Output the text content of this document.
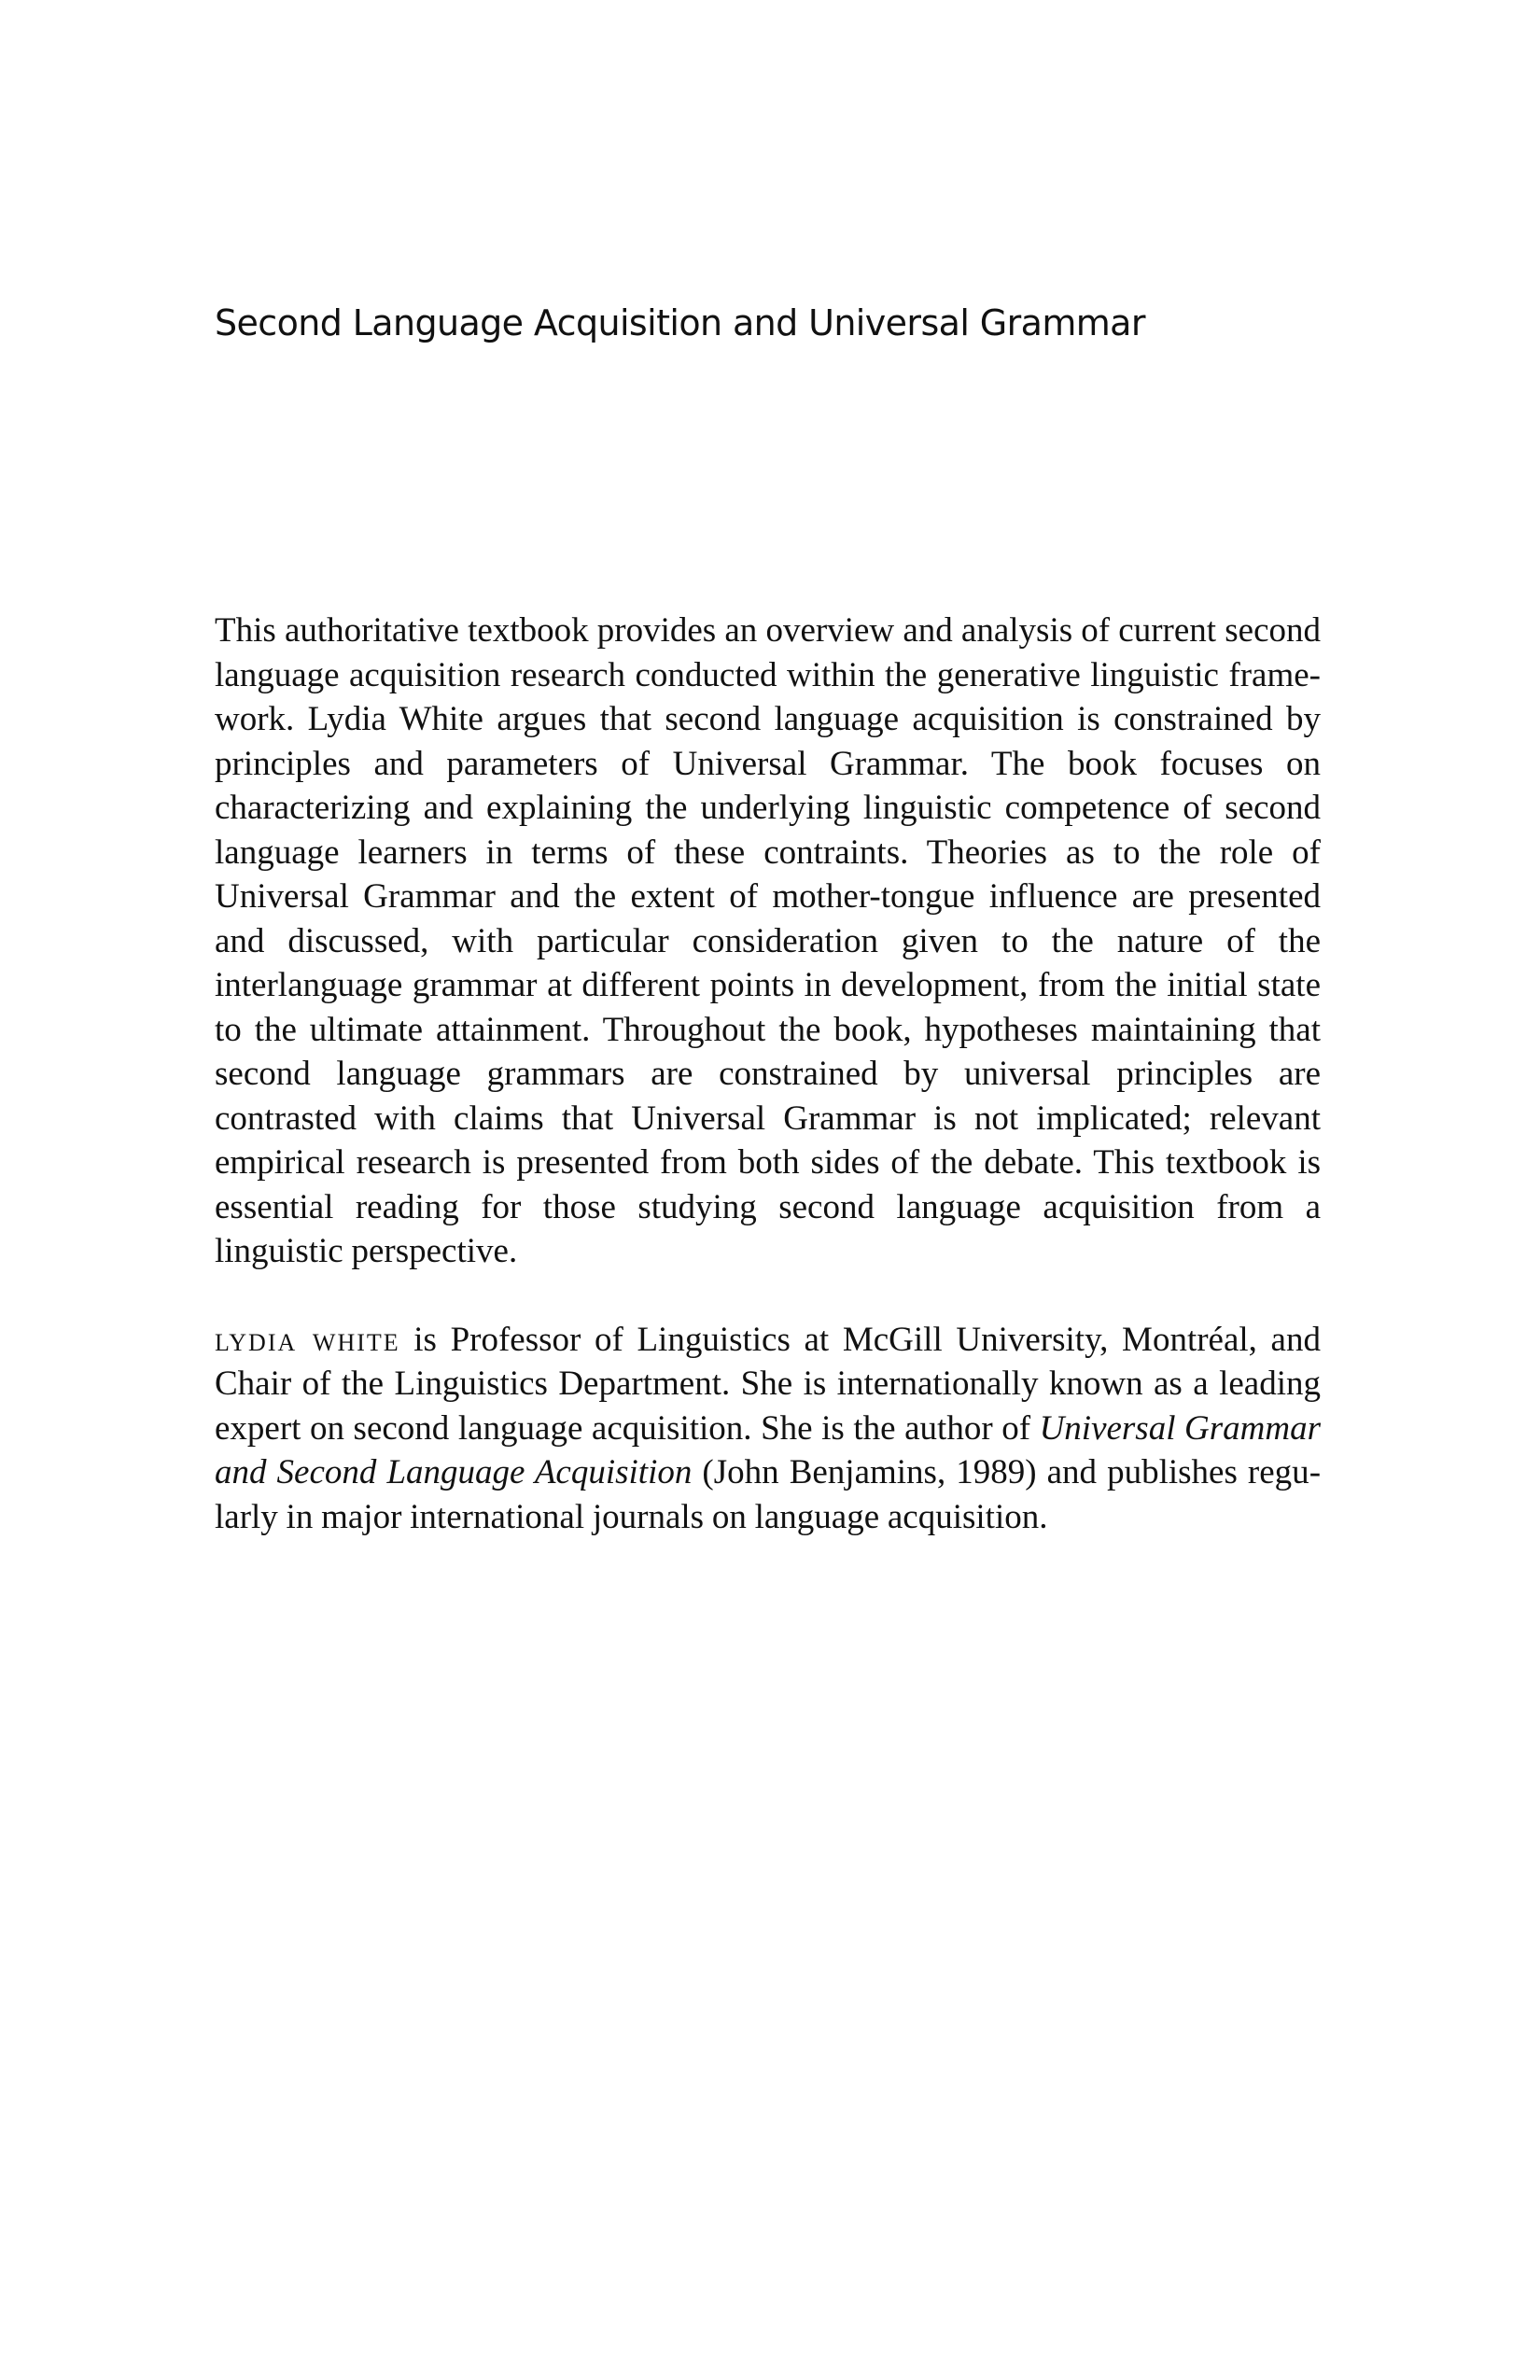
Second Language Acquisition and Universal Grammar

This authoritative textbook provides an overview and analysis of current second language acquisition research conducted within the generative linguistic framework. Lydia White argues that second language acquisition is constrained by principles and parameters of Universal Grammar. The book focuses on characterizing and explaining the underlying linguistic competence of second language learners in terms of these contraints. Theories as to the role of Universal Grammar and the extent of mother-tongue influence are presented and discussed, with particular consideration given to the nature of the interlanguage grammar at different points in development, from the initial state to the ultimate attainment. Throughout the book, hypotheses maintaining that second language grammars are constrained by universal principles are contrasted with claims that Universal Grammar is not implicated; relevant empirical research is presented from both sides of the debate. This textbook is essential reading for those studying second language acquisition from a linguistic perspective.

lydia white is Professor of Linguistics at McGill University, Montréal, and Chair of the Linguistics Department. She is internationally known as a leading expert on second language acquisition. She is the author of Universal Grammar and Second Language Acquisition (John Benjamins, 1989) and publishes regularly in major international journals on language acquisition.
